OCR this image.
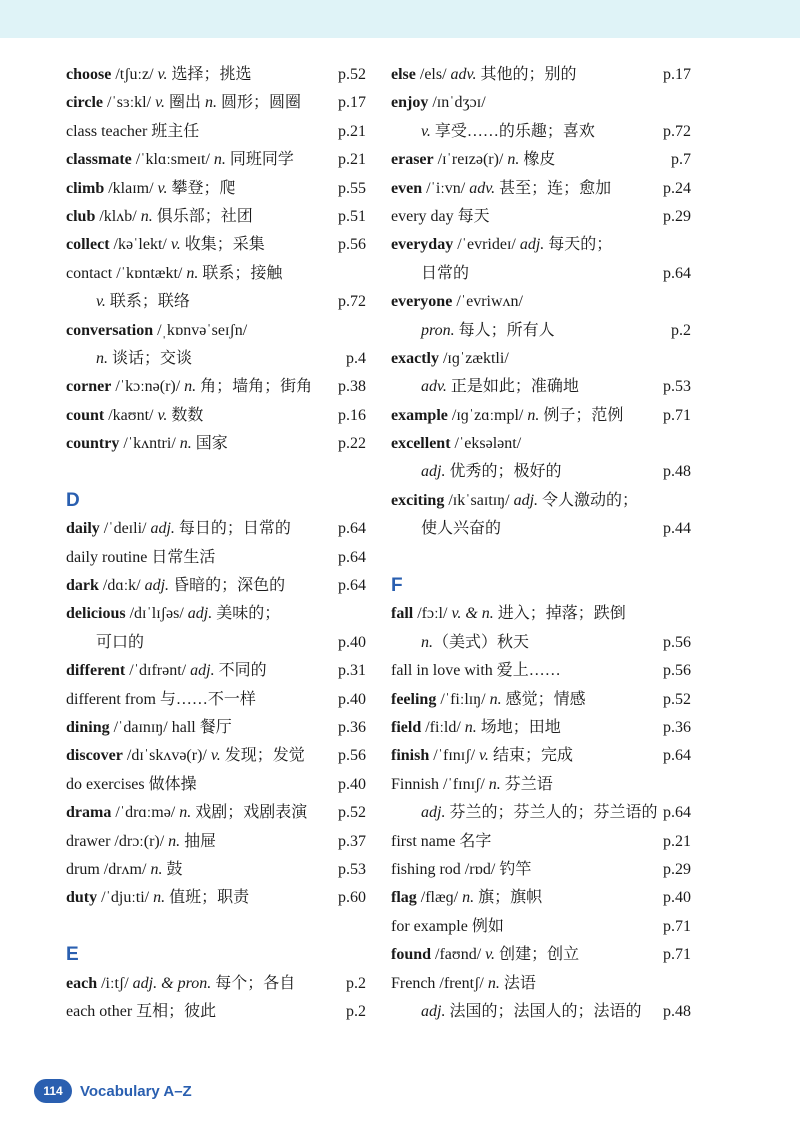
choose /tʃuːz/ v. 选择；挑选	p.52
circle /ˈsɜːkl/ v. 圈出 n. 圆形；圆圈 p.17
class teacher 班主任	p.21
classmate /ˈklɑːsmeɪt/ n. 同班同学	p.21
climb /klaɪm/ v. 攀登；爬	p.55
club /klʌb/ n. 俱乐部；社团	p.51
collect /kəˈlekt/ v. 收集；采集	p.56
contact /ˈkɒntækt/ n. 联系；接触
v. 联系；联络	p.72
conversation /ˌkɒnvəˈseɪʃn/
n. 谈话；交谈	p.4
corner /ˈkɔːnə(r)/ n. 角；墙角；街角 p.38
count /kaʊnt/ v. 数数	p.16
country /ˈkʌntri/ n. 国家	p.22
D
daily /ˈdeɪli/ adj. 每日的；日常的	p.64
daily routine 日常生活	p.64
dark /dɑːk/ adj. 昏暗的；深色的	p.64
delicious /dɪˈlɪʃəs/ adj. 美味的；
可口的	p.40
different /ˈdɪfrənt/ adj. 不同的	p.31
different from 与……不一样	p.40
dining /ˈdaɪnɪŋ/ hall 餐厅	p.36
discover /dɪˈskʌvə(r)/ v. 发现；发觉 p.56
do exercises 做体操	p.40
drama /ˈdrɑːmə/ n. 戏剧；戏剧表演 p.52
drawer /drɔː(r)/ n. 抽屉	p.37
drum /drʌm/ n. 鼓	p.53
duty /ˈdjuːti/ n. 值班；职责	p.60
E
each /iːtʃ/ adj. & pron. 每个；各自	p.2
each other 互相；彼此	p.2
else /els/ adv. 其他的；别的	p.17
enjoy /ɪnˈdʒɔɪ/
v. 享受……的乐趣；喜欢	p.72
eraser /ɪˈreɪzə(r)/ n. 橡皮	p.7
even /ˈiːvn/ adv. 甚至；连；愈加	p.24
every day 每天	p.29
everyday /ˈevrideɪ/ adj. 每天的；
日常的	p.64
everyone /ˈevriwʌn/
pron. 每人；所有人	p.2
exactly /ɪɡˈzæktli/
adv. 正是如此；准确地	p.53
example /ɪɡˈzɑːmpl/ n. 例子；范例 p.71
excellent /ˈeksələnt/
adj. 优秀的；极好的	p.48
exciting /ɪkˈsaɪtɪŋ/ adj. 令人激动的；
使人兴奋的	p.44
F
fall /fɔːl/ v. & n. 进入；掉落；跌倒
n.（美式）秋天	p.56
fall in love with 爱上……	p.56
feeling /ˈfiːlɪŋ/ n. 感觉；情感	p.52
field /fiːld/ n. 场地；田地	p.36
finish /ˈfɪnɪʃ/ v. 结束；完成	p.64
Finnish /ˈfɪnɪʃ/ n. 芬兰语
adj. 芬兰的；芬兰人的；芬兰语的 p.64
first name 名字	p.21
fishing rod /rɒd/ 钓竿	p.29
flag /flæɡ/ n. 旗；旗帜	p.40
for example 例如	p.71
found /faʊnd/ v. 创建；创立	p.71
French /frentʃ/ n. 法语
adj. 法国的；法国人的；法语的 p.48
114	Vocabulary A–Z
